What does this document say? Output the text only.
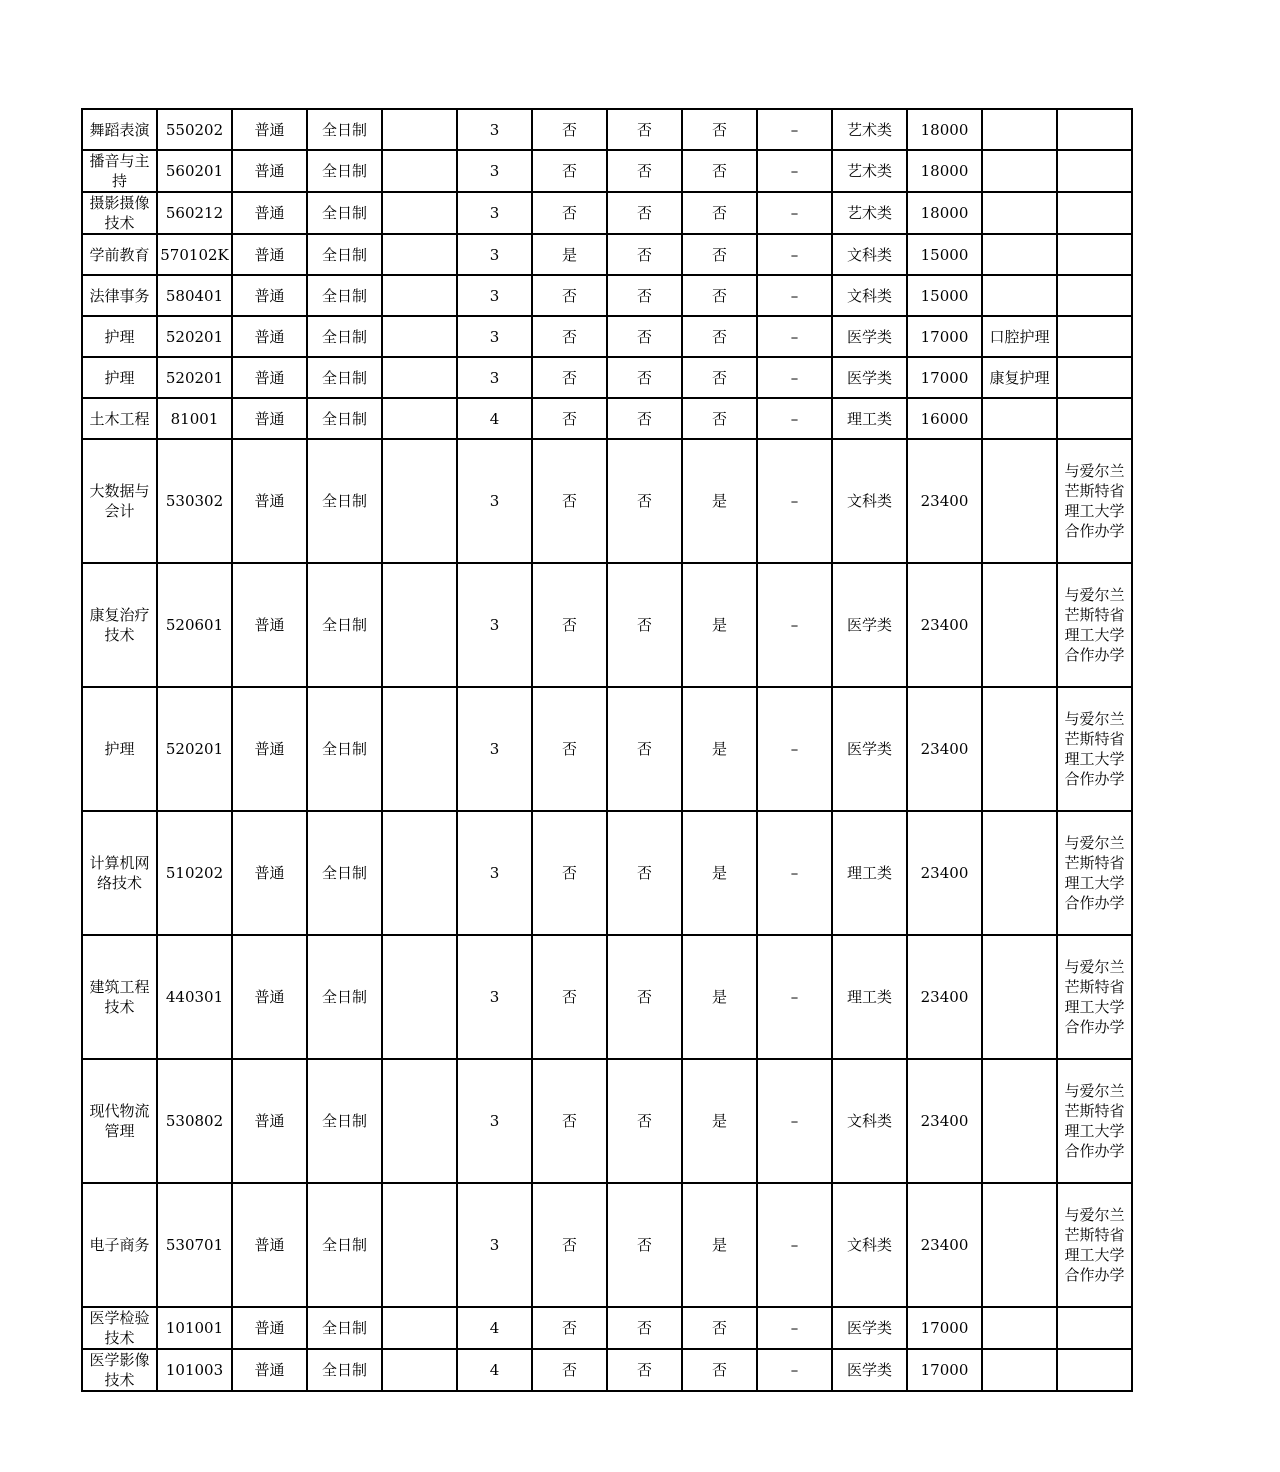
舞蹈表演	550202	普通	全日制		3	否	否	否	–	艺术类	18000		
播音与主持	560201	普通	全日制		3	否	否	否	–	艺术类	18000		
摄影摄像技术	560212	普通	全日制		3	否	否	否	–	艺术类	18000		
学前教育	570102K	普通	全日制		3	是	否	否	–	文科类	15000		
法律事务	580401	普通	全日制		3	否	否	否	–	文科类	15000		
护理	520201	普通	全日制		3	否	否	否	–	医学类	17000	口腔护理	
护理	520201	普通	全日制		3	否	否	否	–	医学类	17000	康复护理	
土木工程	81001	普通	全日制		4	否	否	否	–	理工类	16000		
大数据与会计	530302	普通	全日制		3	否	否	是	–	文科类	23400		与爱尔兰芒斯特省理工大学合作办学
康复治疗技术	520601	普通	全日制		3	否	否	是	–	医学类	23400		与爱尔兰芒斯特省理工大学合作办学
护理	520201	普通	全日制		3	否	否	是	–	医学类	23400		与爱尔兰芒斯特省理工大学合作办学
计算机网络技术	510202	普通	全日制		3	否	否	是	–	理工类	23400		与爱尔兰芒斯特省理工大学合作办学
建筑工程技术	440301	普通	全日制		3	否	否	是	–	理工类	23400		与爱尔兰芒斯特省理工大学合作办学
现代物流管理	530802	普通	全日制		3	否	否	是	–	文科类	23400		与爱尔兰芒斯特省理工大学合作办学
电子商务	530701	普通	全日制		3	否	否	是	–	文科类	23400		与爱尔兰芒斯特省理工大学合作办学
医学检验技术	101001	普通	全日制		4	否	否	否	–	医学类	17000		
医学影像技术	101003	普通	全日制		4	否	否	否	–	医学类	17000		
